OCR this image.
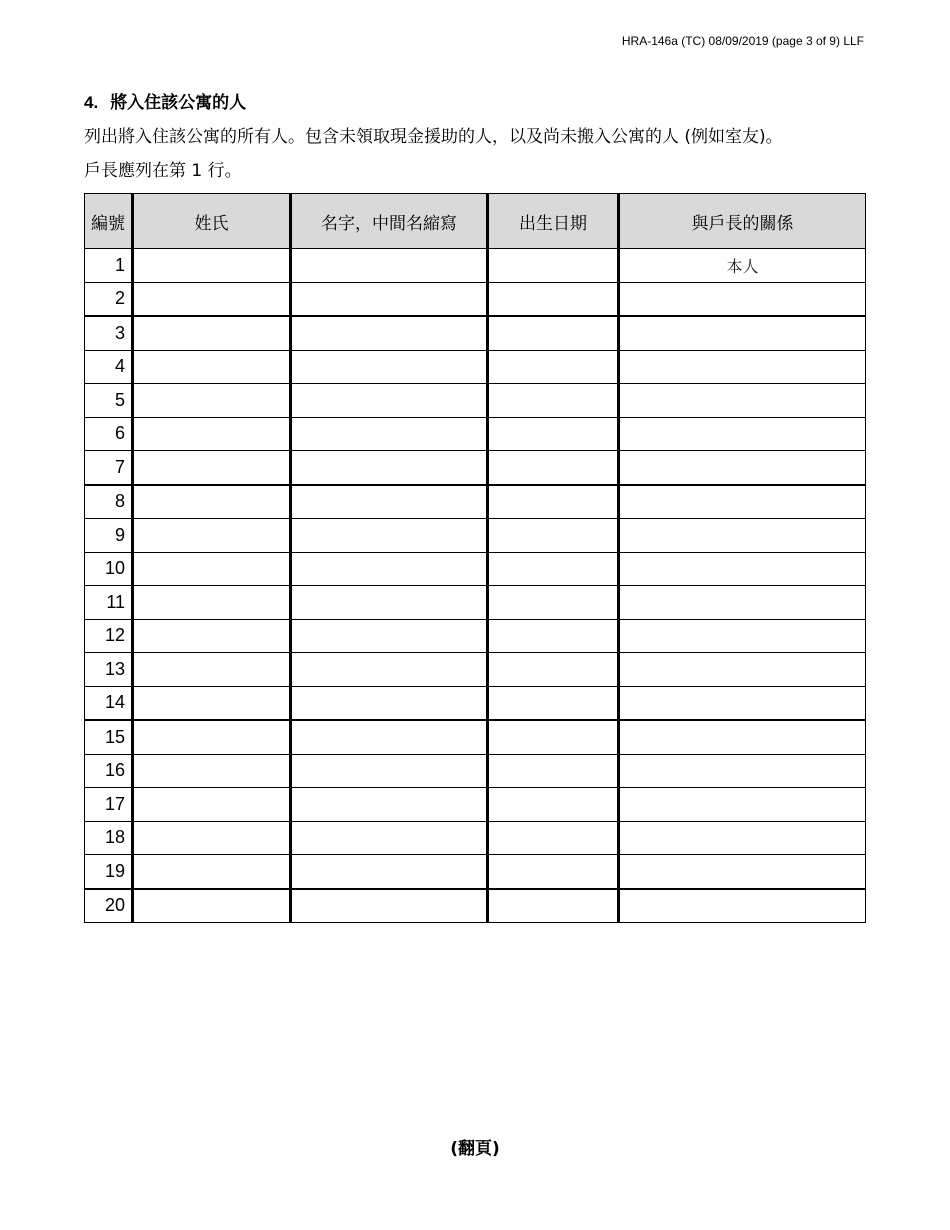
HRA-146a (TC) 08/09/2019 (page 3 of 9) LLF
4. 將入住該公寓的人
列出將入住該公寓的所有人。包含未領取現金援助的人，以及尚未搬入公寓的人 (例如室友)。
戶長應列在第 1 行。
編號	姓氏	名字，中間名縮寫	出生日期	與戶長的關係
1				本人
2				
3				
4				
5				
6				
7				
8				
9				
10				
11				
12				
13				
14				
15				
16				
17				
18				
19				
20				
(翻頁)
